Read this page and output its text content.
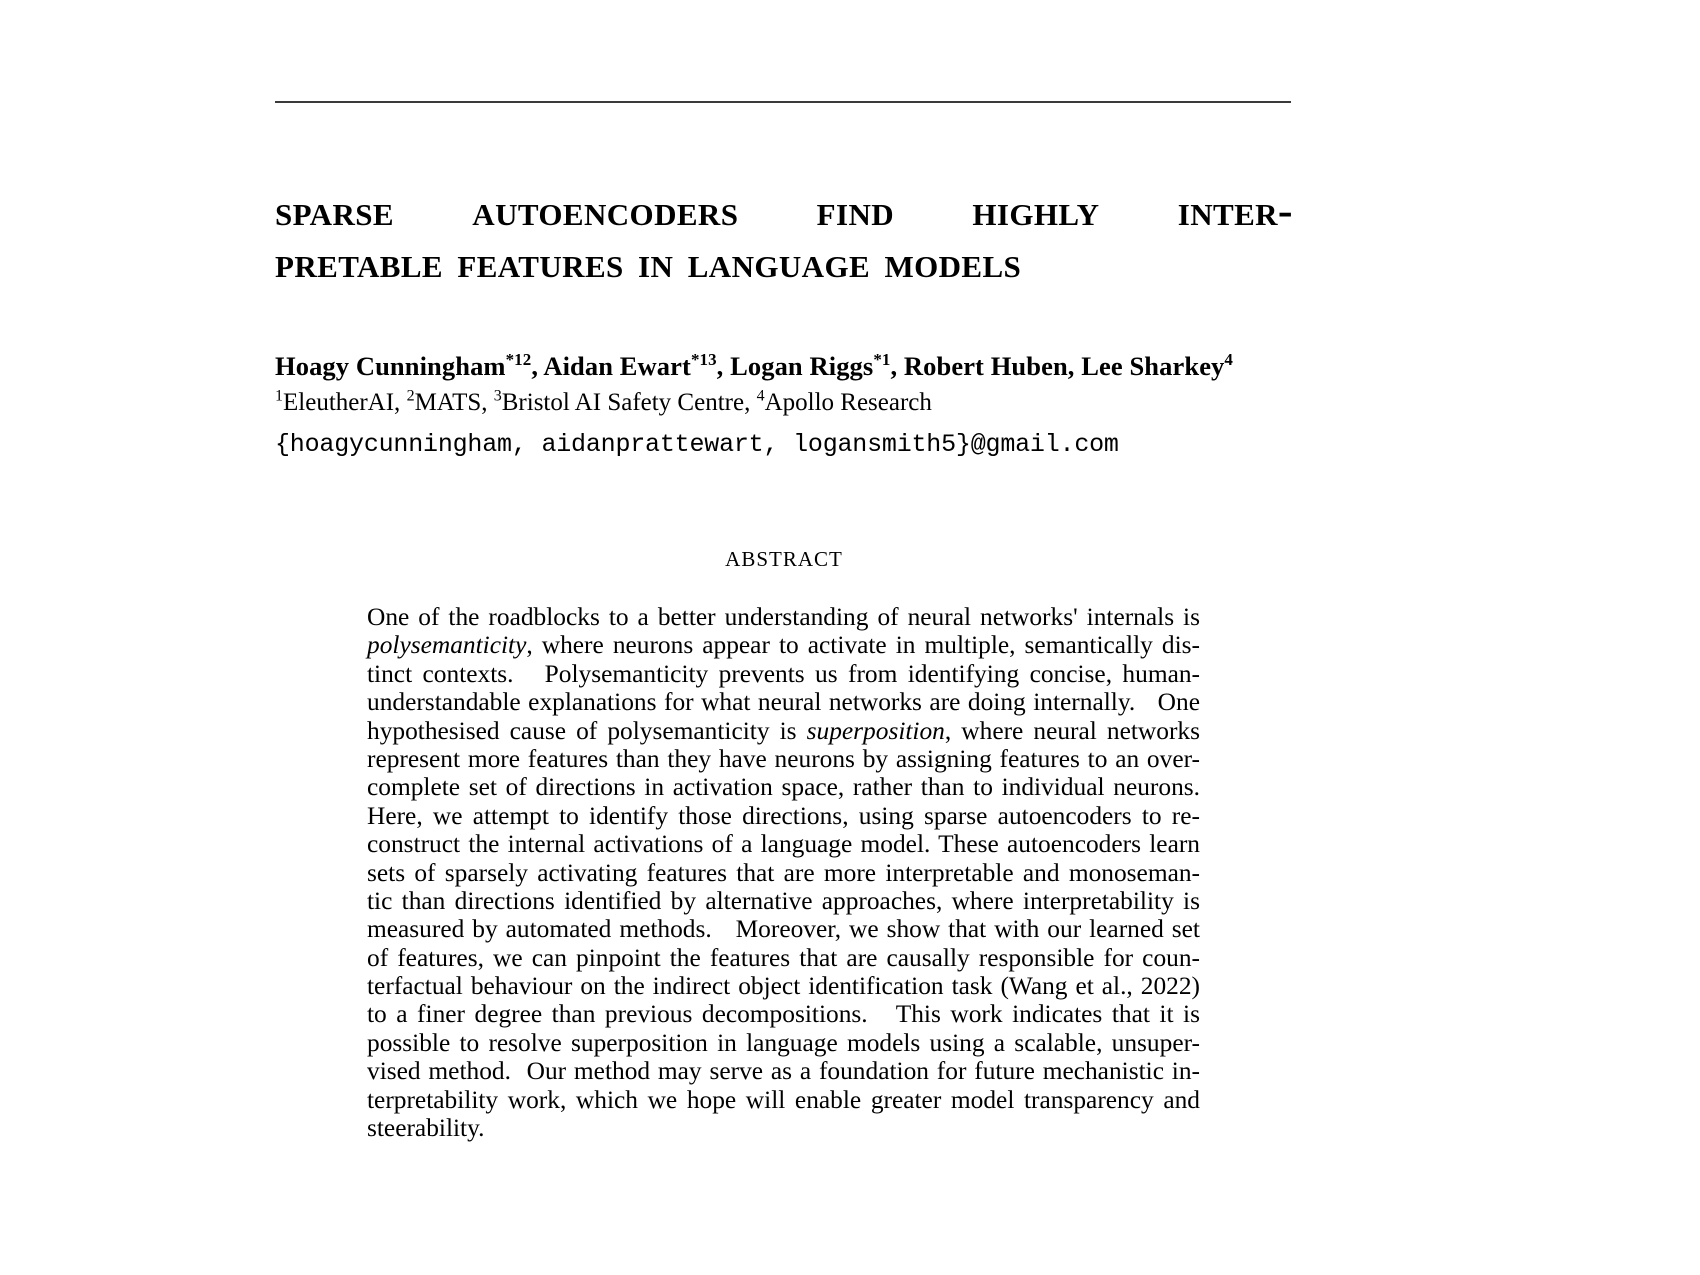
sparse autoencoders find highly inter-
pretable features in language models
Hoagy Cunningham$^{*12}$, Aidan Ewart$^{*13}$, Logan Riggs$^{*1}$, Robert Huben, Lee Sharkey$^4$
$^1$EleutherAI, $^2$MATS, $^3$Bristol AI Safety Centre, $^4$Apollo Research
{hoagycunningham, aidanprattewart, logansmith5}@gmail.com
abstract
One of the roadblocks to a better understanding of neural networks' internals is
polysemanticity, where neurons appear to activate in multiple, semantically dis-
tinct contexts.   Polysemanticity prevents us from identifying concise, human-
understandable explanations for what neural networks are doing internally.   One
hypothesised cause of polysemanticity is superposition, where neural networks
represent more features than they have neurons by assigning features to an over-
complete set of directions in activation space, rather than to individual neurons.
Here, we attempt to identify those directions, using sparse autoencoders to re-
construct the internal activations of a language model. These autoencoders learn
sets of sparsely activating features that are more interpretable and monoseman-
tic than directions identified by alternative approaches, where interpretability is
measured by automated methods.   Moreover, we show that with our learned set
of features, we can pinpoint the features that are causally responsible for coun-
terfactual behaviour on the indirect object identification task (Wang et al., 2022)
to a finer degree than previous decompositions.   This work indicates that it is
possible to resolve superposition in language models using a scalable, unsuper-
vised method.  Our method may serve as a foundation for future mechanistic in-
terpretability work, which we hope will enable greater model transparency and
steerability.
